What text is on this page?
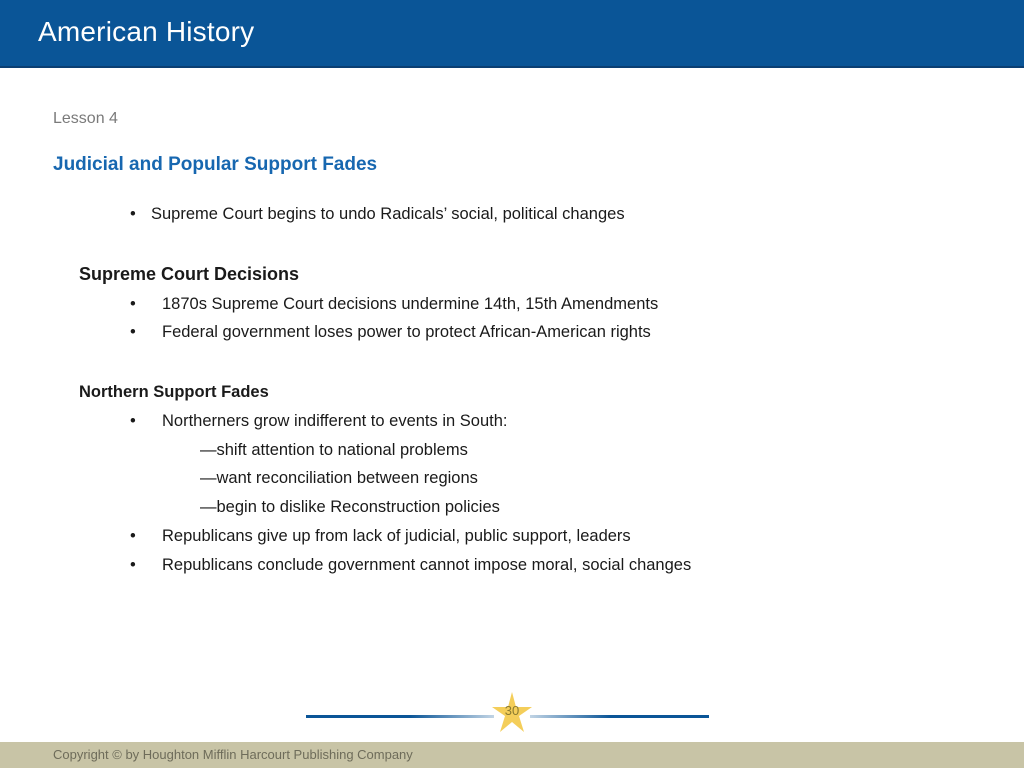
American History
Lesson 4
Judicial and Popular Support Fades
• Supreme Court begins to undo Radicals’ social, political changes
Supreme Court Decisions
• 1870s Supreme Court decisions undermine 14th, 15th Amendments
• Federal government loses power to protect African-American rights
Northern Support Fades
• Northerners grow indifferent to events in South:
—shift attention to national problems
—want reconciliation between regions
—begin to dislike Reconstruction policies
• Republicans give up from lack of judicial, public support, leaders
• Republicans conclude government cannot impose moral, social changes
30
Copyright © by Houghton Mifflin Harcourt Publishing Company
